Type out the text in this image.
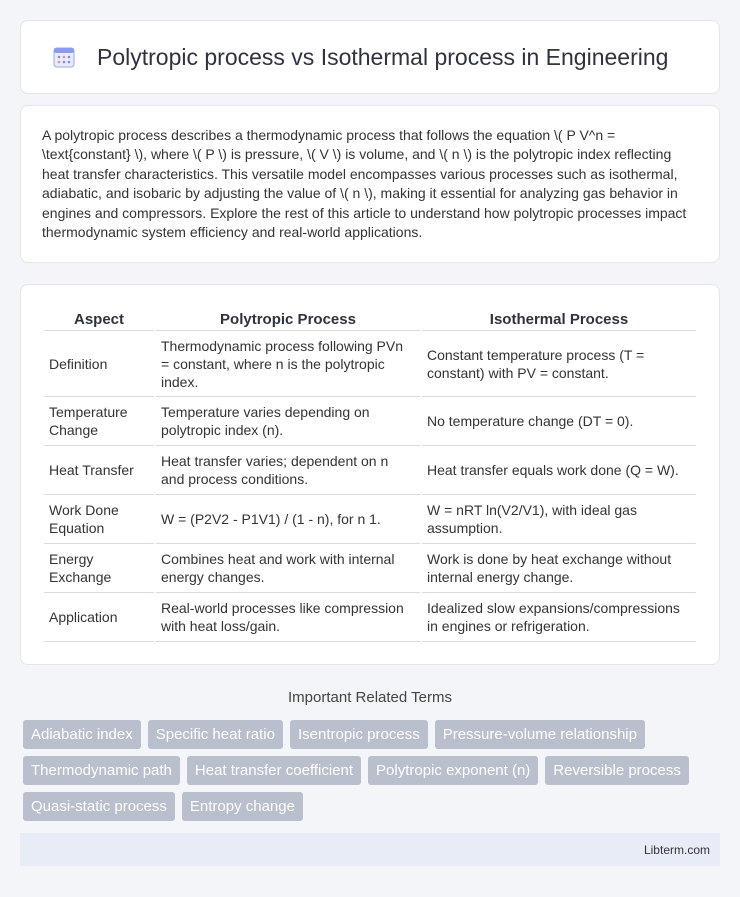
Polytropic process vs Isothermal process in Engineering

A polytropic process describes a thermodynamic process that follows the equation \( P V^n = \text{constant} \), where \( P \) is pressure, \( V \) is volume, and \( n \) is the polytropic index reflecting heat transfer characteristics. This versatile model encompasses various processes such as isothermal, adiabatic, and isobaric by adjusting the value of \( n \), making it essential for analyzing gas behavior in engines and compressors. Explore the rest of this article to understand how polytropic processes impact thermodynamic system efficiency and real-world applications.

Aspect	Polytropic Process	Isothermal Process
Definition	Thermodynamic process following PVn = constant, where n is the polytropic index.	Constant temperature process (T = constant) with PV = constant.
Temperature Change	Temperature varies depending on polytropic index (n).	No temperature change (DT = 0).
Heat Transfer	Heat transfer varies; dependent on n and process conditions.	Heat transfer equals work done (Q = W).
Work Done Equation	W = (P2V2 - P1V1) / (1 - n), for n 1.	W = nRT ln(V2/V1), with ideal gas assumption.
Energy Exchange	Combines heat and work with internal energy changes.	Work is done by heat exchange without internal energy change.
Application	Real-world processes like compression with heat loss/gain.	Idealized slow expansions/compressions in engines or refrigeration.
Important Related Terms
Adiabatic index	Specific heat ratio	Isentropic process	Pressure-volume relationship
Thermodynamic path	Heat transfer coefficient	Polytropic exponent (n)	Reversible process
Quasi-static process	Entropy change
Libterm.com
